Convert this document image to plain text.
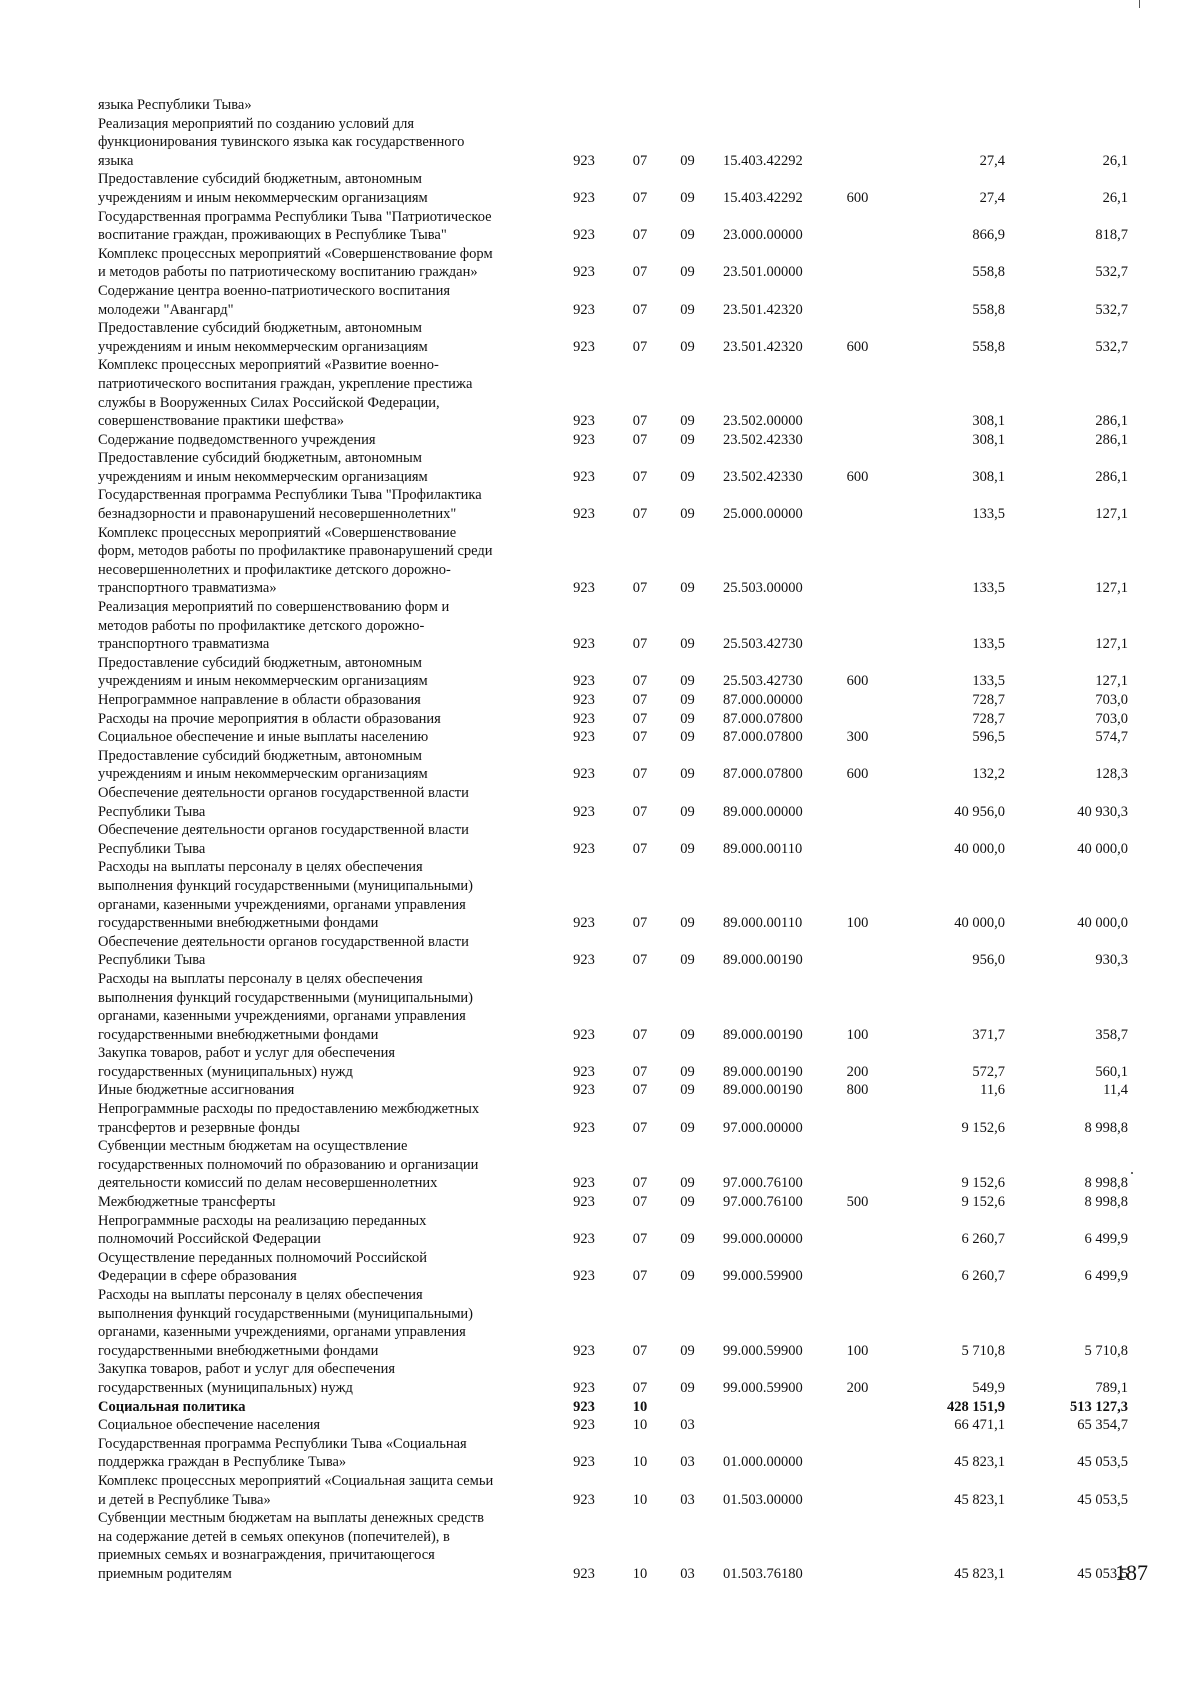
языка Республики Тыва»
Реализация мероприятий по созданию условий для
функционирования тувинского языка как государственного
языка	923	07	09	15.403.42292	27,4	26,1
Предоставление субсидий бюджетным, автономным
учреждениям и иным некоммерческим организациям	923	07	09	15.403.42292	600	27,4	26,1
Государственная программа Республики Тыва "Патриотическое
воспитание граждан, проживающих в Республике Тыва"	923	07	09	23.000.00000	866,9	818,7
Комплекс процессных мероприятий «Совершенствование форм
и методов работы по патриотическому воспитанию граждан»	923	07	09	23.501.00000	558,8	532,7
Содержание центра военно-патриотического воспитания
молодежи "Авангард"	923	07	09	23.501.42320	558,8	532,7
Предоставление субсидий бюджетным, автономным
учреждениям и иным некоммерческим организациям	923	07	09	23.501.42320	600	558,8	532,7
Комплекс процессных мероприятий «Развитие военно-
патриотического воспитания граждан, укрепление престижа
службы в Вооруженных Силах Российской Федерации,
совершенствование практики шефства»	923	07	09	23.502.00000	308,1	286,1
Содержание подведомственного учреждения	923	07	09	23.502.42330	308,1	286,1
Предоставление субсидий бюджетным, автономным
учреждениям и иным некоммерческим организациям	923	07	09	23.502.42330	600	308,1	286,1
Государственная программа Республики Тыва "Профилактика
безнадзорности и правонарушений несовершеннолетних"	923	07	09	25.000.00000	133,5	127,1
Комплекс процессных мероприятий «Совершенствование
форм, методов работы по профилактике правонарушений среди
несовершеннолетних и профилактике детского дорожно-
транспортного травматизма»	923	07	09	25.503.00000	133,5	127,1
Реализация мероприятий по совершенствованию форм и
методов работы по профилактике детского дорожно-
транспортного травматизма	923	07	09	25.503.42730	133,5	127,1
Предоставление субсидий бюджетным, автономным
учреждениям и иным некоммерческим организациям	923	07	09	25.503.42730	600	133,5	127,1
Непрограммное направление в области образования	923	07	09	87.000.00000	728,7	703,0
Расходы на прочие мероприятия в области образования	923	07	09	87.000.07800	728,7	703,0
Социальное обеспечение и иные выплаты населению	923	07	09	87.000.07800	300	596,5	574,7
Предоставление субсидий бюджетным, автономным
учреждениям и иным некоммерческим организациям	923	07	09	87.000.07800	600	132,2	128,3
Обеспечение деятельности органов государственной власти
Республики Тыва	923	07	09	89.000.00000	40 956,0	40 930,3
Обеспечение деятельности органов государственной власти
Республики Тыва	923	07	09	89.000.00110	40 000,0	40 000,0
Расходы на выплаты персоналу в целях обеспечения
выполнения функций государственными (муниципальными)
органами, казенными учреждениями, органами управления
государственными внебюджетными фондами	923	07	09	89.000.00110	100	40 000,0	40 000,0
Обеспечение деятельности органов государственной власти
Республики Тыва	923	07	09	89.000.00190	956,0	930,3
Расходы на выплаты персоналу в целях обеспечения
выполнения функций государственными (муниципальными)
органами, казенными учреждениями, органами управления
государственными внебюджетными фондами	923	07	09	89.000.00190	100	371,7	358,7
Закупка товаров, работ и услуг для обеспечения
государственных (муниципальных) нужд	923	07	09	89.000.00190	200	572,7	560,1
Иные бюджетные ассигнования	923	07	09	89.000.00190	800	11,6	11,4
Непрограммные расходы по предоставлению межбюджетных
трансфертов и резервные фонды	923	07	09	97.000.00000	9 152,6	8 998,8
Субвенции местным бюджетам на осуществление
государственных полномочий по образованию и организации
деятельности комиссий по делам несовершеннолетних	923	07	09	97.000.76100	9 152,6	8 998,8
Межбюджетные трансферты	923	07	09	97.000.76100	500	9 152,6	8 998,8
Непрограммные расходы на реализацию переданных
полномочий Российской Федерации	923	07	09	99.000.00000	6 260,7	6 499,9
Осуществление переданных полномочий Российской
Федерации в сфере образования	923	07	09	99.000.59900	6 260,7	6 499,9
Расходы на выплаты персоналу в целях обеспечения
выполнения функций государственными (муниципальными)
органами, казенными учреждениями, органами управления
государственными внебюджетными фондами	923	07	09	99.000.59900	100	5 710,8	5 710,8
Закупка товаров, работ и услуг для обеспечения
государственных (муниципальных) нужд	923	07	09	99.000.59900	200	549,9	789,1
Социальная политика	923	10	428 151,9	513 127,3
Социальное обеспечение населения	923	10	03	66 471,1	65 354,7
Государственная программа Республики Тыва «Социальная
поддержка граждан в Республике Тыва»	923	10	03	01.000.00000	45 823,1	45 053,5
Комплекс процессных мероприятий «Социальная защита семьи
и детей в Республике Тыва»	923	10	03	01.503.00000	45 823,1	45 053,5
Субвенции местным бюджетам на выплаты денежных средств
на содержание детей в семьях опекунов (попечителей), в
приемных семьях и вознаграждения, причитающегося
приемным родителям	923	10	03	01.503.76180	45 823,1	45 053,5
187
